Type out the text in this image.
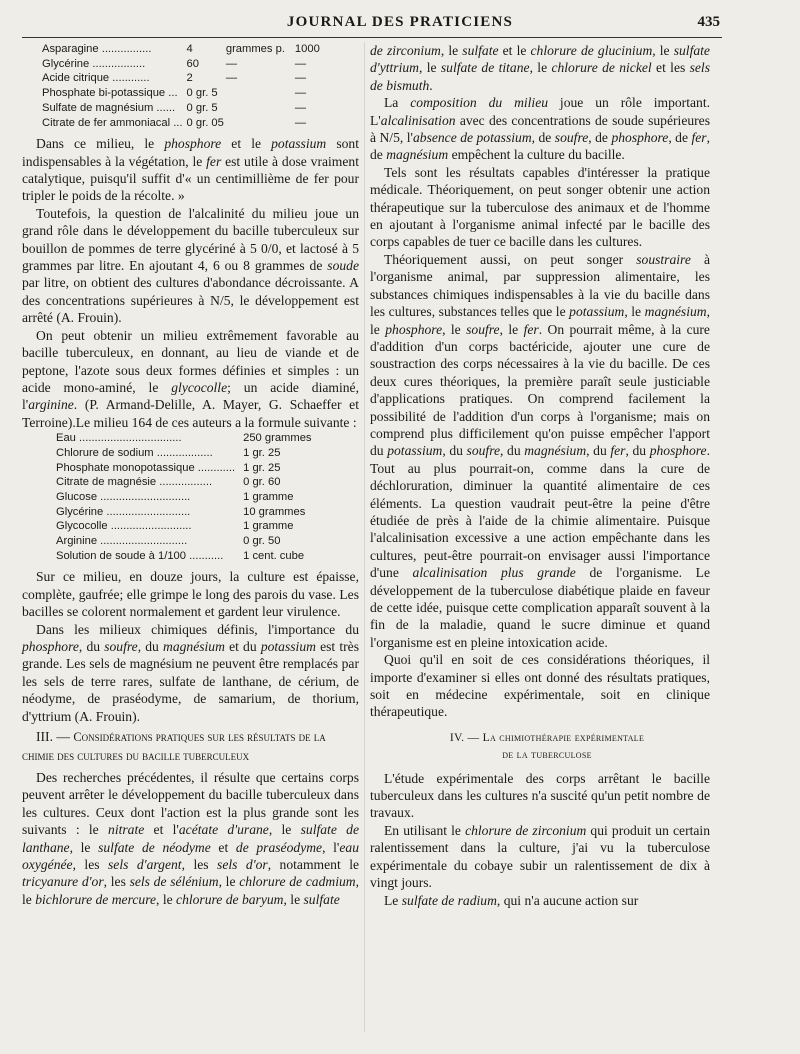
JOURNAL DES PRATICIENS	435
Asparagine ................	4	grammes p.	1000
Glycérine .................	60	—	—
Acide citrique ............	2	—	—
Phosphate bi-potassique ...	0 gr. 5		—
Sulfate de magnésium ......	0 gr. 5		—
Citrate de fer ammoniacal ...	0 gr. 05		—

Dans ce milieu, le phosphore et le potassium sont indispensables à la végétation, le fer est utile à dose vraiment catalytique, puisqu'il suffit d'« un centimillième de fer pour tripler le poids de la récolte. »

Toutefois, la question de l'alcalinité du milieu joue un grand rôle dans le développement du bacille tuberculeux sur bouillon de pommes de terre glycériné à 5 0/0, et lactosé à 5 grammes par litre. En ajoutant 4, 6 ou 8 grammes de soude par litre, on obtient des cultures d'abondance décroissante. A des concentrations supérieures à N/5, le développement est arrêté (A. Frouin).

On peut obtenir un milieu extrêmement favorable au bacille tuberculeux, en donnant, au lieu de viande et de peptone, l'azote sous deux formes définies et simples : un acide mono-aminé, le glycocolle; un acide diaminé, l'arginine. (P. Armand-Delille, A. Mayer, G. Schaeffer et Terroine).Le milieu 164 de ces auteurs a la formule suivante :

Eau .................................	250 grammes
Chlorure de sodium ..................	1 gr. 25
Phosphate monopotassique ............	1 gr. 25
Citrate de magnésie .................	0 gr. 60
Glucose .............................	1 gramme
Glycérine ...........................	10 grammes
Glycocolle ..........................	1 gramme
Arginine ............................	0 gr. 50
Solution de soude à 1/100 ...........	1 cent. cube

Sur ce milieu, en douze jours, la culture est épaisse, complète, gaufrée; elle grimpe le long des parois du vase. Les bacilles se colorent normalement et gardent leur virulence.

Dans les milieux chimiques définis, l'importance du phosphore, du soufre, du magnésium et du potassium est très grande. Les sels de magnésium ne peuvent être remplacés par les sels de terre rares, sulfate de lanthane, de cérium, de néodyme, de praséodyme, de samarium, de thorium, d'yttrium (A. Frouin).

III. — Considérations pratiques sur les résultats de la chimie des cultures du bacille tuberculeux

Des recherches précédentes, il résulte que certains corps peuvent arrêter le développement du bacille tuberculeux dans les cultures. Ceux dont l'action est la plus grande sont les suivants : le nitrate et l'acétate d'urane, le sulfate de lanthane, le sulfate de néodyme et de praséodyme, l'eau oxygénée, les sels d'argent, les sels d'or, notamment le tricyanure d'or, les sels de sélénium, le chlorure de cadmium, le bichlorure de mercure, le chlorure de baryum, le sulfate

de zirconium, le sulfate et le chlorure de glucinium, le sulfate d'yttrium, le sulfate de titane, le chlorure de nickel et les sels de bismuth.

La composition du milieu joue un rôle important. L'alcalinisation avec des concentrations de soude supérieures à N/5, l'absence de potassium, de soufre, de phosphore, de fer, de magnésium empêchent la culture du bacille.

Tels sont les résultats capables d'intéresser la pratique médicale. Théoriquement, on peut songer obtenir une action thérapeutique sur la tuberculose des animaux et de l'homme en ajoutant à l'organisme animal infecté par le bacille des corps capables de tuer ce bacille dans les cultures.

Théoriquement aussi, on peut songer soustraire à l'organisme animal, par suppression alimentaire, les substances chimiques indispensables à la vie du bacille dans les cultures, substances telles que le potassium, le magnésium, le phosphore, le soufre, le fer. On pourrait même, à la cure d'addition d'un corps bactéricide, ajouter une cure de soustraction des corps nécessaires à la vie du bacille. De ces deux cures théoriques, la première paraît seule justiciable d'applications pratiques. On comprend facilement la possibilité de l'addition d'un corps à l'organisme; mais on comprend plus difficilement qu'on puisse empêcher l'apport du potassium, du soufre, du magnésium, du fer, du phosphore. Tout au plus pourrait-on, comme dans la cure de déchloruration, diminuer la quantité alimentaire de ces éléments. La question vaudrait peut-être la peine d'être étudiée de près à l'aide de la chimie alimentaire. Puisque l'alcalinisation excessive a une action empêchante dans les cultures, peut-être pourrait-on envisager aussi l'importance d'une alcalinisation plus grande de l'organisme. Le développement de la tuberculose diabétique plaide en faveur de cette idée, puisque cette complication apparaît souvent à la fin de la maladie, quand le sucre diminue et quand l'organisme est en pleine intoxication acide.

Quoi qu'il en soit de ces considérations théoriques, il importe d'examiner si elles ont donné des résultats pratiques, soit en médecine expérimentale, soit en clinique thérapeutique.

IV. — La chimiothérapie expérimentale

de la tuberculose

L'étude expérimentale des corps arrêtant le bacille tuberculeux dans les cultures n'a suscité qu'un petit nombre de travaux.

En utilisant le chlorure de zirconium qui produit un certain ralentissement dans la culture, j'ai vu la tuberculose expérimentale du cobaye subir un ralentissement de dix à vingt jours.

Le sulfate de radium, qui n'a aucune action sur
